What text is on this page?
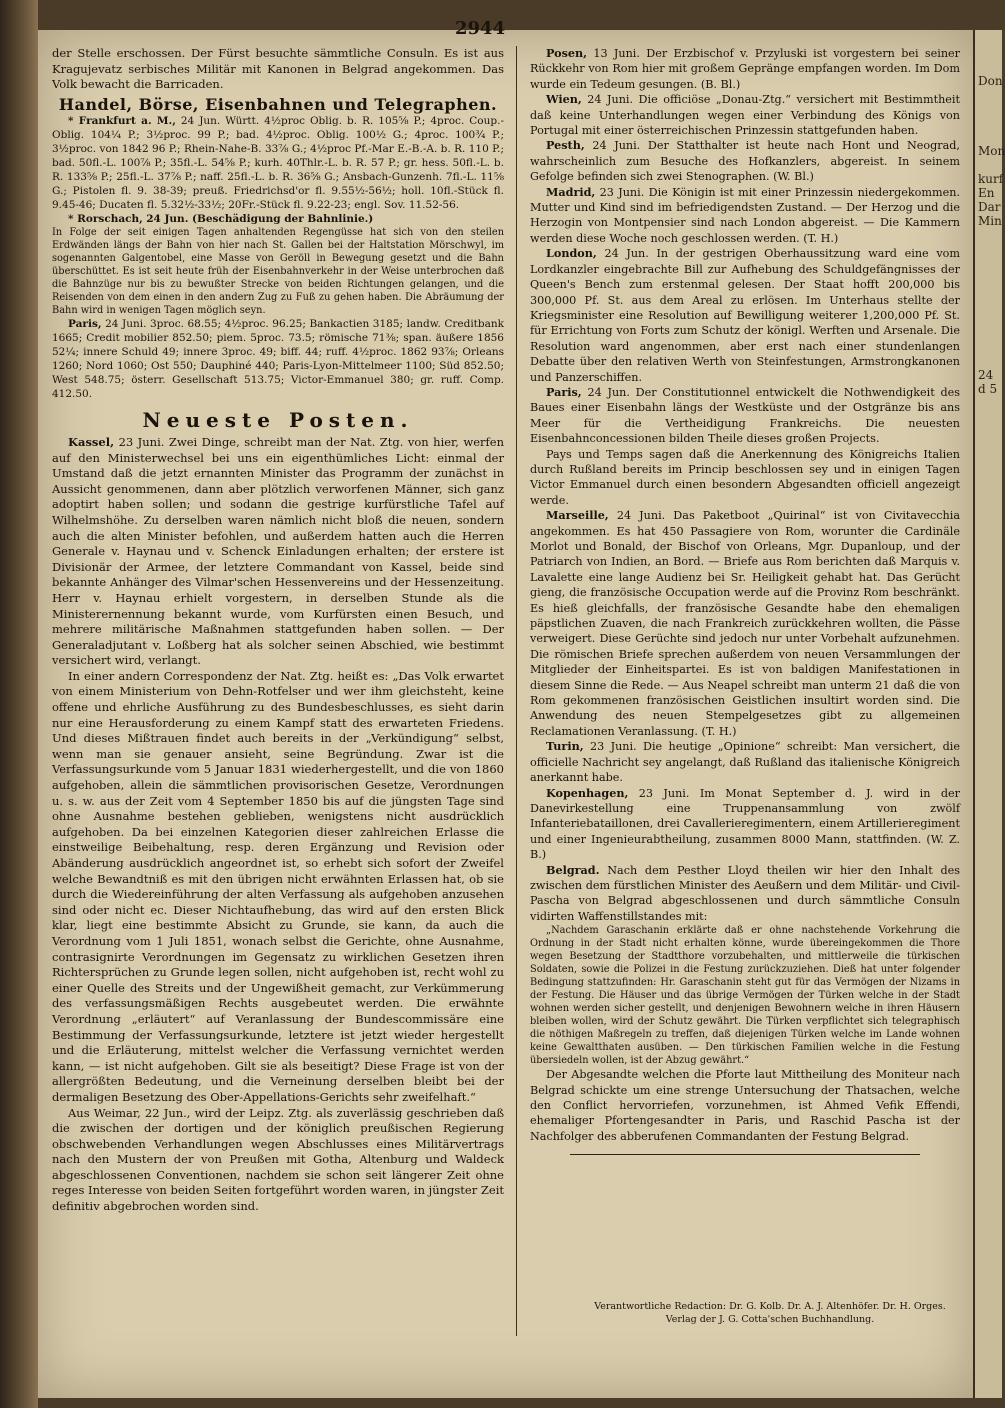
Don

Mon

kurf
En
Dar
Min

24
d 5
2944

der Stelle erschossen. Der Fürst besuchte sämmtliche Consuln. Es ist aus Kragujevatz serbisches Militär mit Kanonen in Belgrad angekommen. Das Volk bewacht die Barricaden.

Handel, Börse, Eisenbahnen und Telegraphen.

* Frankfurt a. M., 24 Jun. Württ. 4½proc Oblig. b. R. 105⅝ P.; 4proc. Coup.-Oblig. 104¼ P.; 3½proc. 99 P.; bad. 4½proc. Oblig. 100½ G.; 4proc. 100¾ P.; 3½proc. von 1842 96 P.; Rhein-Nahe-B. 33⅞ G.; 4½proc Pf.-Mar E.-B.-A. b. R. 110 P.; bad. 50fl.-L. 100⅞ P.; 35fl.-L. 54⅝ P.; kurh. 40Thlr.-L. b. R. 57 P.; gr. hess. 50fl.-L. b. R. 133⅝ P.; 25fl.-L. 37⅞ P.; naff. 25fl.-L. b. R. 36⅝ G.; Ansbach-Gunzenh. 7fl.-L. 11⅝ G.; Pistolen fl. 9. 38-39; preuß. Friedrichsd'or fl. 9.55½-56½; holl. 10fl.-Stück fl. 9.45-46; Ducaten fl. 5.32½-33½; 20Fr.-Stück fl. 9.22-23; engl. Sov. 11.52-56.

* Rorschach, 24 Jun. (Beschädigung der Bahnlinie.)

In Folge der seit einigen Tagen anhaltenden Regengüsse hat sich von den steilen Erdwänden längs der Bahn von hier nach St. Gallen bei der Haltstation Mörschwyl, im sogenannten Galgentobel, eine Masse von Geröll in Bewegung gesetzt und die Bahn überschüttet. Es ist seit heute früh der Eisenbahnverkehr in der Weise unterbrochen daß die Bahnzüge nur bis zu bewußter Strecke von beiden Richtungen gelangen, und die Reisenden von dem einen in den andern Zug zu Fuß zu gehen haben. Die Abräumung der Bahn wird in wenigen Tagen möglich seyn.

Paris, 24 Juni. 3proc. 68.55; 4½proc. 96.25; Bankactien 3185; landw. Creditbank 1665; Credit mobilier 852.50; piem. 5proc. 73.5; römische 71⅜; span. äußere 1856 52¼; innere Schuld 49; innere 3proc. 49; biff. 44; ruff. 4½proc. 1862 93⅞; Orleans 1260; Nord 1060; Ost 550; Dauphiné 440; Paris-Lyon-Mittelmeer 1100; Süd 852.50; West 548.75; österr. Gesellschaft 513.75; Victor-Emmanuel 380; gr. ruff. Comp. 412.50.

Neueste Posten.

Kassel, 23 Juni. Zwei Dinge, schreibt man der Nat. Ztg. von hier, werfen auf den Ministerwechsel bei uns ein eigenthümliches Licht: einmal der Umstand daß die jetzt ernannten Minister das Programm der zunächst in Aussicht genommenen, dann aber plötzlich verworfenen Männer, sich ganz adoptirt haben sollen; und sodann die gestrige kurfürstliche Tafel auf Wilhelmshöhe. Zu derselben waren nämlich nicht bloß die neuen, sondern auch die alten Minister befohlen, und außerdem hatten auch die Herren Generale v. Haynau und v. Schenck Einladungen erhalten; der erstere ist Divisionär der Armee, der letztere Commandant von Kassel, beide sind bekannte Anhänger des Vilmar'schen Hessenvereins und der Hessenzeitung. Herr v. Haynau erhielt vorgestern, in derselben Stunde als die Ministerernennung bekannt wurde, vom Kurfürsten einen Besuch, und mehrere militärische Maßnahmen stattgefunden haben sollen. — Der Generaladjutant v. Loßberg hat als solcher seinen Abschied, wie bestimmt versichert wird, verlangt.

In einer andern Correspondenz der Nat. Ztg. heißt es: „Das Volk erwartet von einem Ministerium von Dehn-Rotfelser und wer ihm gleichsteht, keine offene und ehrliche Ausführung zu des Bundesbeschlusses, es sieht darin nur eine Herausforderung zu einem Kampf statt des erwarteten Friedens. Und dieses Mißtrauen findet auch bereits in der „Verkündigung“ selbst, wenn man sie genauer ansieht, seine Begründung. Zwar ist die Verfassungsurkunde vom 5 Januar 1831 wiederhergestellt, und die von 1860 aufgehoben, allein die sämmtlichen provisorischen Gesetze, Verordnungen u. s. w. aus der Zeit vom 4 September 1850 bis auf die jüngsten Tage sind ohne Ausnahme bestehen geblieben, wenigstens nicht ausdrücklich aufgehoben. Da bei einzelnen Kategorien dieser zahlreichen Erlasse die einstweilige Beibehaltung, resp. deren Ergänzung und Revision oder Abänderung ausdrücklich angeordnet ist, so erhebt sich sofort der Zweifel welche Bewandtniß es mit den übrigen nicht erwähnten Erlassen hat, ob sie durch die Wiedereinführung der alten Verfassung als aufgehoben anzusehen sind oder nicht ec. Dieser Nichtaufhebung, das wird auf den ersten Blick klar, liegt eine bestimmte Absicht zu Grunde, sie kann, da auch die Verordnung vom 1 Juli 1851, wonach selbst die Gerichte, ohne Ausnahme, contrasignirte Verordnungen im Gegensatz zu wirklichen Gesetzen ihren Richtersprüchen zu Grunde legen sollen, nicht aufgehoben ist, recht wohl zu einer Quelle des Streits und der Ungewißheit gemacht, zur Verkümmerung des verfassungsmäßigen Rechts ausgebeutet werden. Die erwähnte Verordnung „erläutert“ auf Veranlassung der Bundescommissäre eine Bestimmung der Verfassungsurkunde, letztere ist jetzt wieder hergestellt und die Erläuterung, mittelst welcher die Verfassung vernichtet werden kann, — ist nicht aufgehoben. Gilt sie als beseitigt? Diese Frage ist von der allergrößten Bedeutung, und die Verneinung derselben bleibt bei der dermaligen Besetzung des Ober-Appellations-Gerichts sehr zweifelhaft.“

Aus Weimar, 22 Jun., wird der Leipz. Ztg. als zuverlässig geschrieben daß die zwischen der dortigen und der königlich preußischen Regierung obschwebenden Verhandlungen wegen Abschlusses eines Militärvertrags nach den Mustern der von Preußen mit Gotha, Altenburg und Waldeck abgeschlossenen Conventionen, nachdem sie schon seit längerer Zeit ohne reges Interesse von beiden Seiten fortgeführt worden waren, in jüngster Zeit definitiv abgebrochen worden sind.

Posen, 13 Juni. Der Erzbischof v. Przyluski ist vorgestern bei seiner Rückkehr von Rom hier mit großem Gepränge empfangen worden. Im Dom wurde ein Tedeum gesungen. (B. Bl.)

Wien, 24 Juni. Die officiöse „Donau-Ztg.“ versichert mit Bestimmtheit daß keine Unterhandlungen wegen einer Verbindung des Königs von Portugal mit einer österreichischen Prinzessin stattgefunden haben.

Pesth, 24 Juni. Der Statthalter ist heute nach Hont und Neograd, wahrscheinlich zum Besuche des Hofkanzlers, abgereist. In seinem Gefolge befinden sich zwei Stenographen. (W. Bl.)

Madrid, 23 Juni. Die Königin ist mit einer Prinzessin niedergekommen. Mutter und Kind sind im befriedigendsten Zustand. — Der Herzog und die Herzogin von Montpensier sind nach London abgereist. — Die Kammern werden diese Woche noch geschlossen werden. (T. H.)

London, 24 Jun. In der gestrigen Oberhaussitzung ward eine vom Lordkanzler eingebrachte Bill zur Aufhebung des Schuldgefängnisses der Queen's Bench zum erstenmal gelesen. Der Staat hofft 200,000 bis 300,000 Pf. St. aus dem Areal zu erlösen. Im Unterhaus stellte der Kriegsminister eine Resolution auf Bewilligung weiterer 1,200,000 Pf. St. für Errichtung von Forts zum Schutz der königl. Werften und Arsenale. Die Resolution ward angenommen, aber erst nach einer stundenlangen Debatte über den relativen Werth von Steinfestungen, Armstrongkanonen und Panzerschiffen.

Paris, 24 Jun. Der Constitutionnel entwickelt die Nothwendigkeit des Baues einer Eisenbahn längs der Westküste und der Ostgränze bis ans Meer für die Vertheidigung Frankreichs. Die neuesten Eisenbahnconcessionen bilden Theile dieses großen Projects.

Pays und Temps sagen daß die Anerkennung des Königreichs Italien durch Rußland bereits im Princip beschlossen sey und in einigen Tagen Victor Emmanuel durch einen besondern Abgesandten officiell angezeigt werde.

Marseille, 24 Juni. Das Paketboot „Quirinal“ ist von Civitavecchia angekommen. Es hat 450 Passagiere von Rom, worunter die Cardinäle Morlot und Bonald, der Bischof von Orleans, Mgr. Dupanloup, und der Patriarch von Indien, an Bord. — Briefe aus Rom berichten daß Marquis v. Lavalette eine lange Audienz bei Sr. Heiligkeit gehabt hat. Das Gerücht gieng, die französische Occupation werde auf die Provinz Rom beschränkt. Es hieß gleichfalls, der französische Gesandte habe den ehemaligen päpstlichen Zuaven, die nach Frankreich zurückkehren wollten, die Pässe verweigert. Diese Gerüchte sind jedoch nur unter Vorbehalt aufzunehmen. Die römischen Briefe sprechen außerdem von neuen Versammlungen der Mitglieder der Einheitspartei. Es ist von baldigen Manifestationen in diesem Sinne die Rede. — Aus Neapel schreibt man unterm 21 daß die von Rom gekommenen französischen Geistlichen insultirt worden sind. Die Anwendung des neuen Stempelgesetzes gibt zu allgemeinen Reclamationen Veranlassung. (T. H.)

Turin, 23 Juni. Die heutige „Opinione“ schreibt: Man versichert, die officielle Nachricht sey angelangt, daß Rußland das italienische Königreich anerkannt habe.

Kopenhagen, 23 Juni. Im Monat September d. J. wird in der Danevirkestellung eine Truppenansammlung von zwölf Infanteriebataillonen, drei Cavallerieregimentern, einem Artillerieregiment und einer Ingenieurabtheilung, zusammen 8000 Mann, stattfinden. (W. Z. B.)

Belgrad. Nach dem Pesther Lloyd theilen wir hier den Inhalt des zwischen dem fürstlichen Minister des Aeußern und dem Militär- und Civil-Pascha von Belgrad abgeschlossenen und durch sämmtliche Consuln vidirten Waffenstillstandes mit:

„Nachdem Garaschanin erklärte daß er ohne nachstehende Vorkehrung die Ordnung in der Stadt nicht erhalten könne, wurde übereingekommen die Thore wegen Besetzung der Stadtthore vorzubehalten, und mittlerweile die türkischen Soldaten, sowie die Polizei in die Festung zurückzuziehen. Dieß hat unter folgender Bedingung stattzufinden: Hr. Garaschanin steht gut für das Vermögen der Nizams in der Festung. Die Häuser und das übrige Vermögen der Türken welche in der Stadt wohnen werden sicher gestellt, und denjenigen Bewohnern welche in ihren Häusern bleiben wollen, wird der Schutz gewährt. Die Türken verpflichtet sich telegraphisch die nöthigen Maßregeln zu treffen, daß diejenigen Türken welche im Lande wohnen keine Gewaltthaten ausüben. — Den türkischen Familien welche in die Festung übersiedeln wollen, ist der Abzug gewährt.“

Der Abgesandte welchen die Pforte laut Mittheilung des Moniteur nach Belgrad schickte um eine strenge Untersuchung der Thatsachen, welche den Conflict hervorriefen, vorzunehmen, ist Ahmed Vefik Effendi, ehemaliger Pfortengesandter in Paris, und Raschid Pascha ist der Nachfolger des abberufenen Commandanten der Festung Belgrad.

Verantwortliche Redaction: Dr. G. Kolb. Dr. A. J. Altenhöfer. Dr. H. Orges.
Verlag der J. G. Cotta'schen Buchhandlung.
